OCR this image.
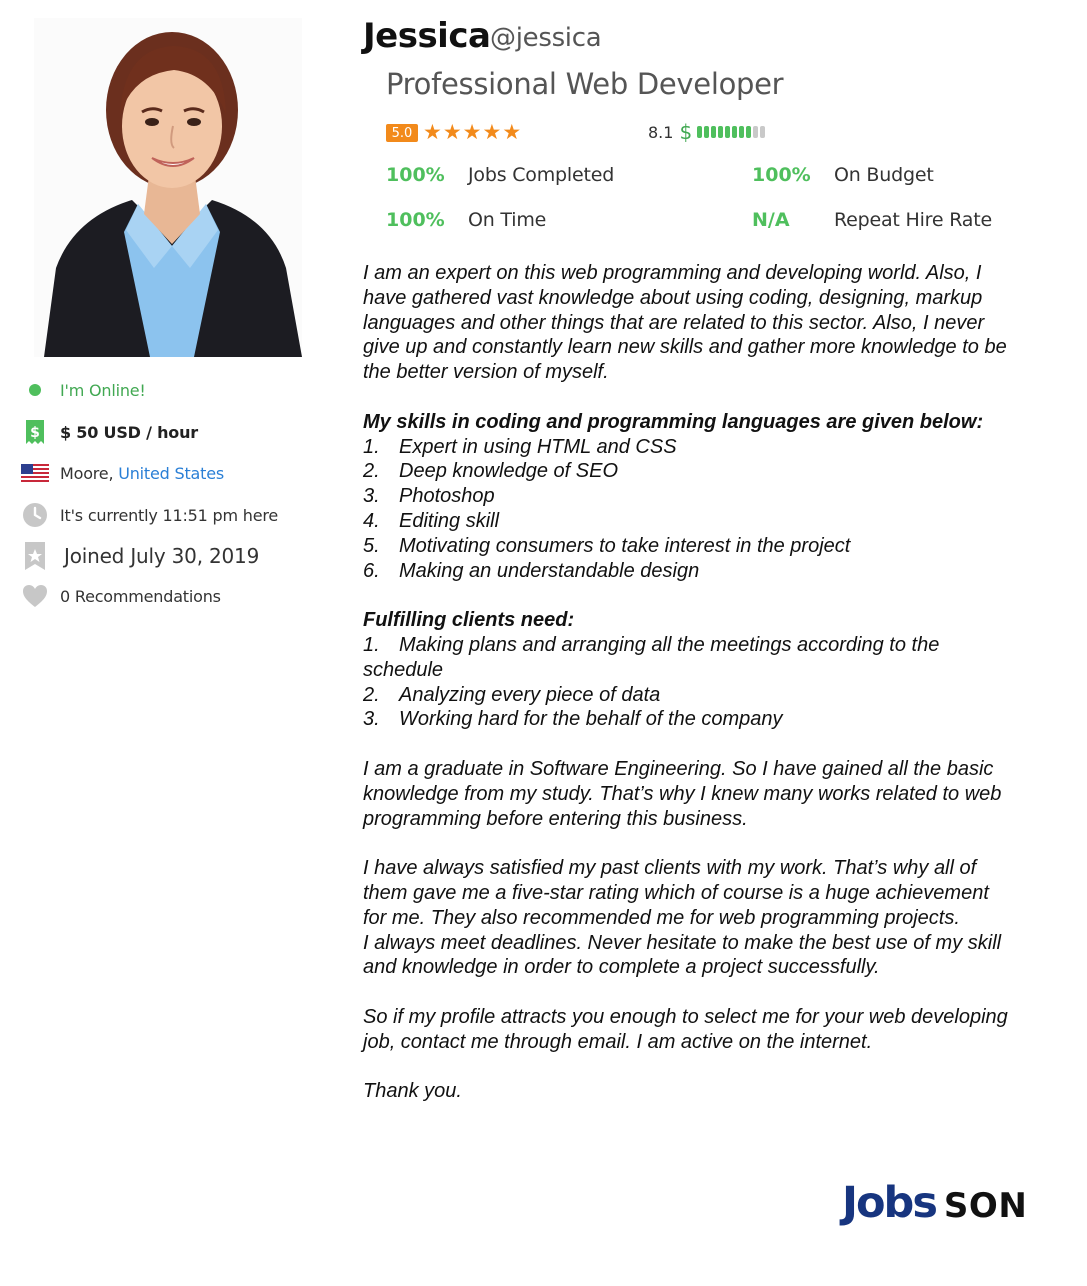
I'm Online!
$ $ 50 USD / hour
Moore, United States
It's currently 11:51 pm here
Joined July 30, 2019
0 Recommendations
Jessica @jessica
Professional Web Developer
5.0 ★ ★ ★ ★ ★	8.1 $
100%	Jobs Completed	100%	On Budget
100%	On Time	N/A	Repeat Hire Rate
I am an expert on this web programming and developing world. Also, I
have gathered vast knowledge about using coding, designing, markup
languages and other things that are related to this sector. Also, I never
give up and constantly learn new skills and gather more knowledge to be
the better version of myself.
My skills in coding and programming languages are given below:
1. Expert in using HTML and CSS
2. Deep knowledge of SEO
3. Photoshop
4. Editing skill
5. Motivating consumers to take interest in the project
6. Making an understandable design
Fulfilling clients need:
1. Making plans and arranging all the meetings according to the
schedule
2. Analyzing every piece of data
3. Working hard for the behalf of the company
I am a graduate in Software Engineering. So I have gained all the basic
knowledge from my study. That’s why I knew many works related to web
programming before entering this business.
I have always satisfied my past clients with my work. That’s why all of
them gave me a five-star rating which of course is a huge achievement
for me. They also recommended me for web programming projects.
I always meet deadlines. Never hesitate to make the best use of my skill
and knowledge in order to complete a project successfully.
So if my profile attracts you enough to select me for your web developing
job, contact me through email. I am active on the internet.
Thank you.
Jobs SON
